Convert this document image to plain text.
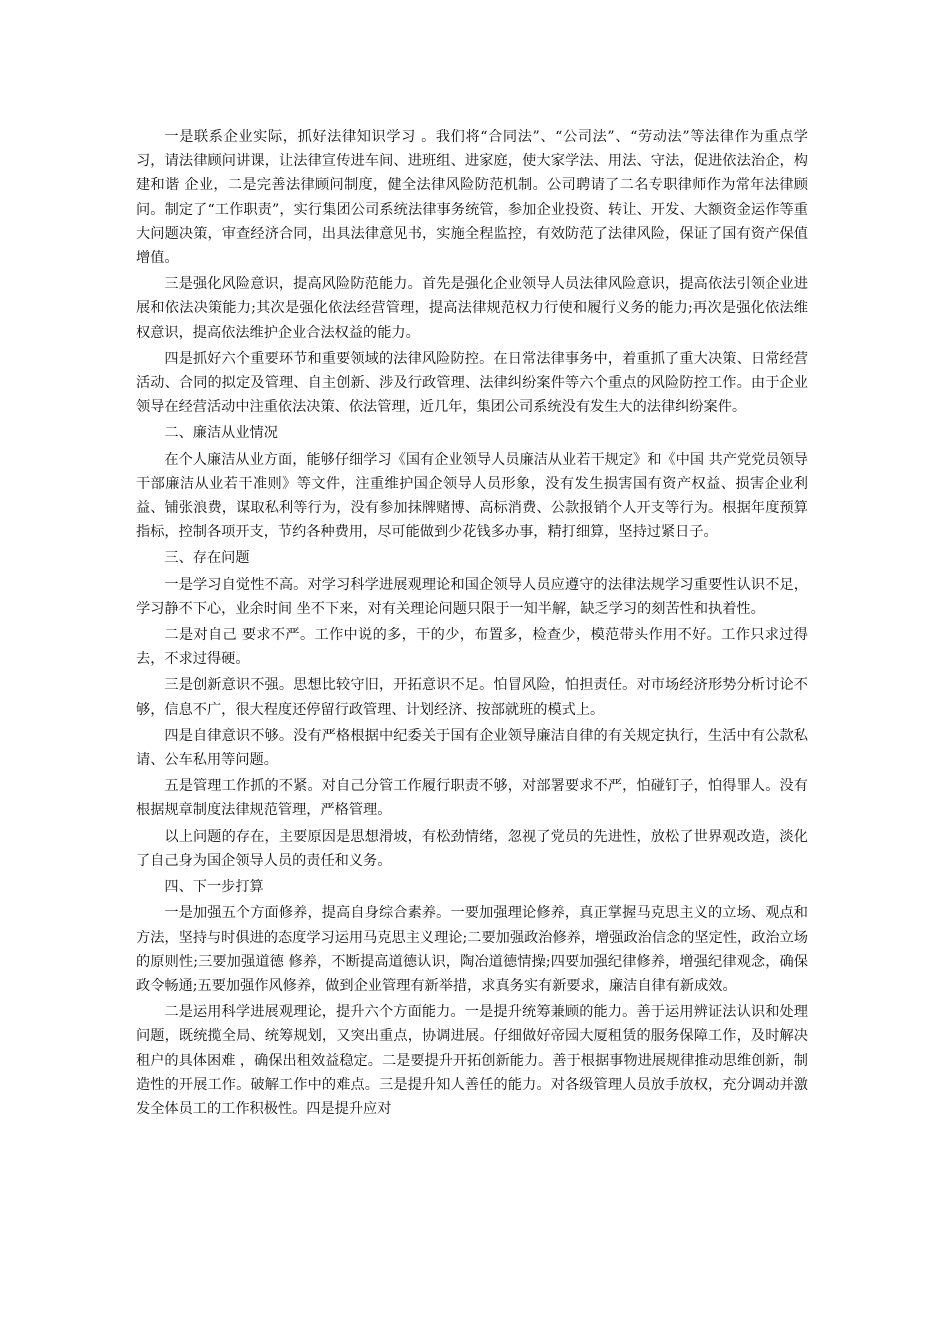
一是联系企业实际，抓好法律知识学习 。我们将“合同法”、“公司法”、“劳动法”等法律作为重点学习，请法律顾问讲课，让法律宣传进车间、进班组、进家庭，使大家学法、用法、守法，促进依法治企，构建和谐 企业，二是完善法律顾问制度，健全法律风险防范机制。公司聘请了二名专职律师作为常年法律顾问。制定了“工作职责”，实行集团公司系统法律事务统管，参加企业投资、转让、开发、大额资金运作等重大问题决策，审查经济合同，出具法律意见书，实施全程监控，有效防范了法律风险，保证了国有资产保值增值。

三是强化风险意识，提高风险防范能力。首先是强化企业领导人员法律风险意识，提高依法引领企业进展和依法决策能力;其次是强化依法经营管理，提高法律规范权力行使和履行义务的能力;再次是强化依法维权意识，提高依法维护企业合法权益的能力。

四是抓好六个重要环节和重要领域的法律风险防控。在日常法律事务中，着重抓了重大决策、日常经营活动、合同的拟定及管理、自主创新、涉及行政管理、法律纠纷案件等六个重点的风险防控工作。由于企业领导在经营活动中注重依法决策、依法管理，近几年，集团公司系统没有发生大的法律纠纷案件。

二、廉洁从业情况

在个人廉洁从业方面，能够仔细学习《国有企业领导人员廉洁从业若干规定》和《中国 共产党党员领导干部廉洁从业若干准则》等文件，注重维护国企领导人员形象，没有发生损害国有资产权益、损害企业利益、铺张浪费，谋取私利等行为，没有参加抹牌赌博、高标消费、公款报销个人开支等行为。根据年度预算指标，控制各项开支，节约各种费用，尽可能做到少花钱多办事，精打细算，坚持过紧日子。

三、存在问题

一是学习自觉性不高。对学习科学进展观理论和国企领导人员应遵守的法律法规学习重要性认识不足，学习静不下心，业余时间 坐不下来，对有关理论问题只限于一知半解，缺乏学习的刻苦性和执着性。

二是对自己 要求不严。工作中说的多，干的少，布置多，检查少，模范带头作用不好。工作只求过得去，不求过得硬。

三是创新意识不强。思想比较守旧，开拓意识不足。怕冒风险，怕担责任。对市场经济形势分析讨论不够，信息不广，很大程度还停留行政管理、计划经济、按部就班的模式上。

四是自律意识不够。没有严格根据中纪委关于国有企业领导廉洁自律的有关规定执行，生活中有公款私请、公车私用等问题。

五是管理工作抓的不紧。对自己分管工作履行职责不够，对部署要求不严，怕碰钉子，怕得罪人。没有根据规章制度法律规范管理，严格管理。

以上问题的存在，主要原因是思想滑坡，有松劲情绪，忽视了党员的先进性，放松了世界观改造，淡化了自己身为国企领导人员的责任和义务。

四、下一步打算

一是加强五个方面修养，提高自身综合素养。一要加强理论修养，真正掌握马克思主义的立场、观点和方法，坚持与时俱进的态度学习运用马克思主义理论;二要加强政治修养，增强政治信念的坚定性，政治立场的原则性;三要加强道德 修养，不断提高道德认识，陶冶道德情操;四要加强纪律修养，增强纪律观念，确保政令畅通;五要加强作风修养，做到企业管理有新举措，求真务实有新要求，廉洁自律有新成效。

二是运用科学进展观理论，提升六个方面能力。一是提升统筹兼顾的能力。善于运用辨证法认识和处理问题，既统揽全局、统筹规划，又突出重点，协调进展。仔细做好帝园大厦租赁的服务保障工作，及时解决租户的具体困难 ，确保出租效益稳定。二是要提升开拓创新能力。善于根据事物进展规律推动思维创新，制造性的开展工作。破解工作中的难点。三是提升知人善任的能力。对各级管理人员放手放权，充分调动并激发全体员工的工作积极性。四是提升应对
